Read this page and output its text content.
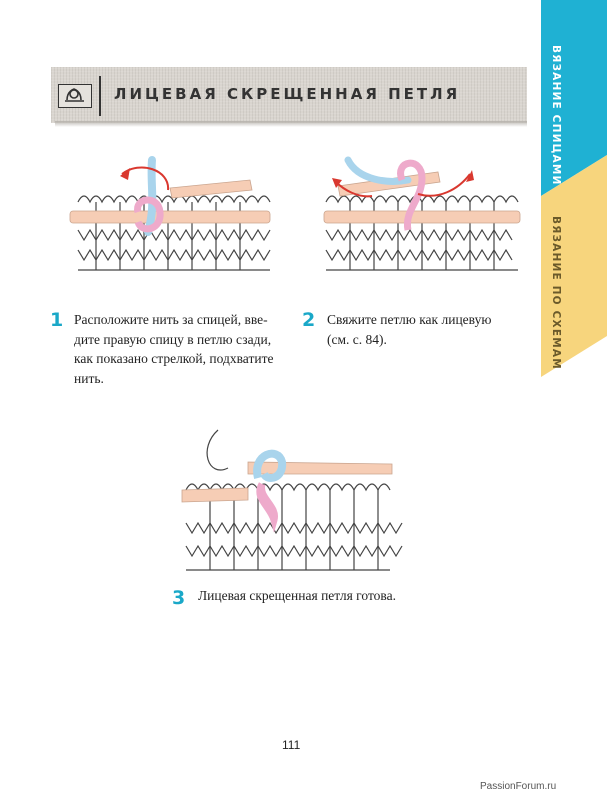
ВЯЗАНИЕ СПИЦАМИ
ВЯЗАНИЕ ПО СХЕМАМ
ЛИЦЕВАЯ СКРЕЩЕННАЯ ПЕТЛЯ
1 Расположите нить за спицей, вве-
дите правую спицу в петлю сзади,
как показано стрелкой, подхватите
нить.
2 Свяжите петлю как лицевую
(см. с. 84).
3 Лицевая скрещенная петля готова.
111
PassionForum.ru
